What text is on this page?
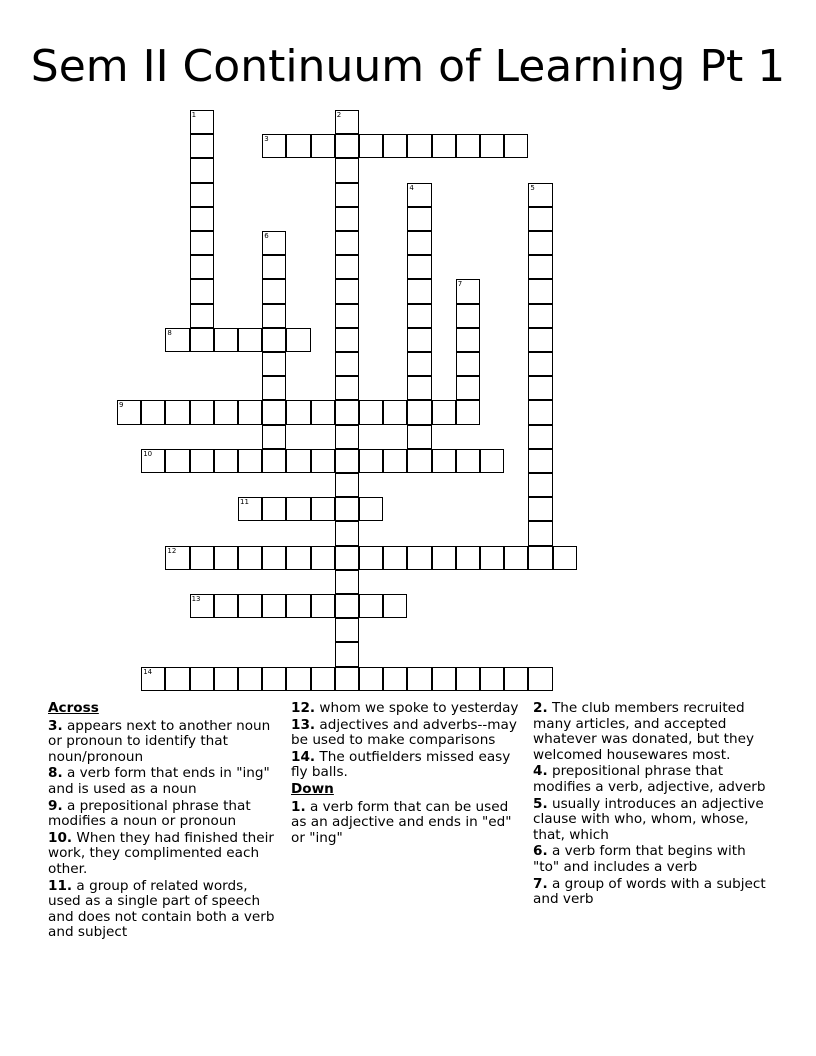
Sem II Continuum of Learning Pt 1
1	2
3
4	5
6
7
8
9
10
11
12
13
14
Across

3. appears next to another noun or pronoun to identify that noun/pronoun

8. a verb form that ends in "ing" and is used as a noun

9. a prepositional phrase that modifies a noun or pronoun

10. When they had finished their work, they complimented each other.

11. a group of related words, used as a single part of speech and does not contain both a verb and subject

12. whom we spoke to yesterday

13. adjectives and adverbs--may be used to make comparisons

14. The outfielders missed easy fly balls.

Down

1. a verb form that can be used as an adjective and ends in "ed" or "ing"

2. The club members recruited many articles, and accepted whatever was donated, but they welcomed housewares most.

4. prepositional phrase that modifies a verb, adjective, adverb

5. usually introduces an adjective clause with who, whom, whose, that, which

6. a verb form that begins with "to" and includes a verb

7. a group of words with a subject and verb
